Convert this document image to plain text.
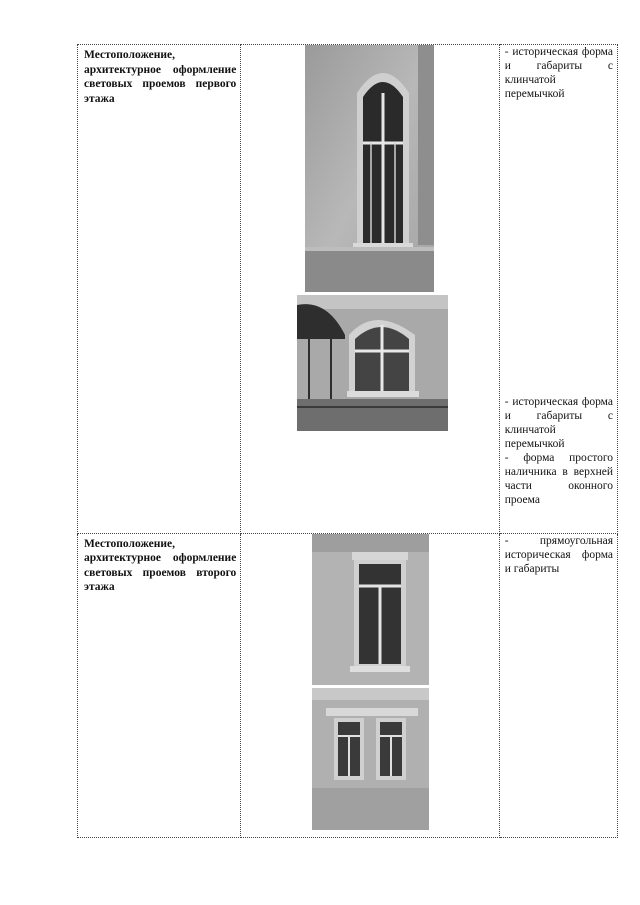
Местоположение, архитектурное оформление световых проемов первого этажа		- историческая форма и габариты с клинчатой перемычкой
- историческая форма и габариты с клинчатой перемычкой
- форма простого наличника в верхней части оконного проема

Местоположение, архитектурное оформление световых проемов второго этажа		- прямоугольная историческая форма и габариты
